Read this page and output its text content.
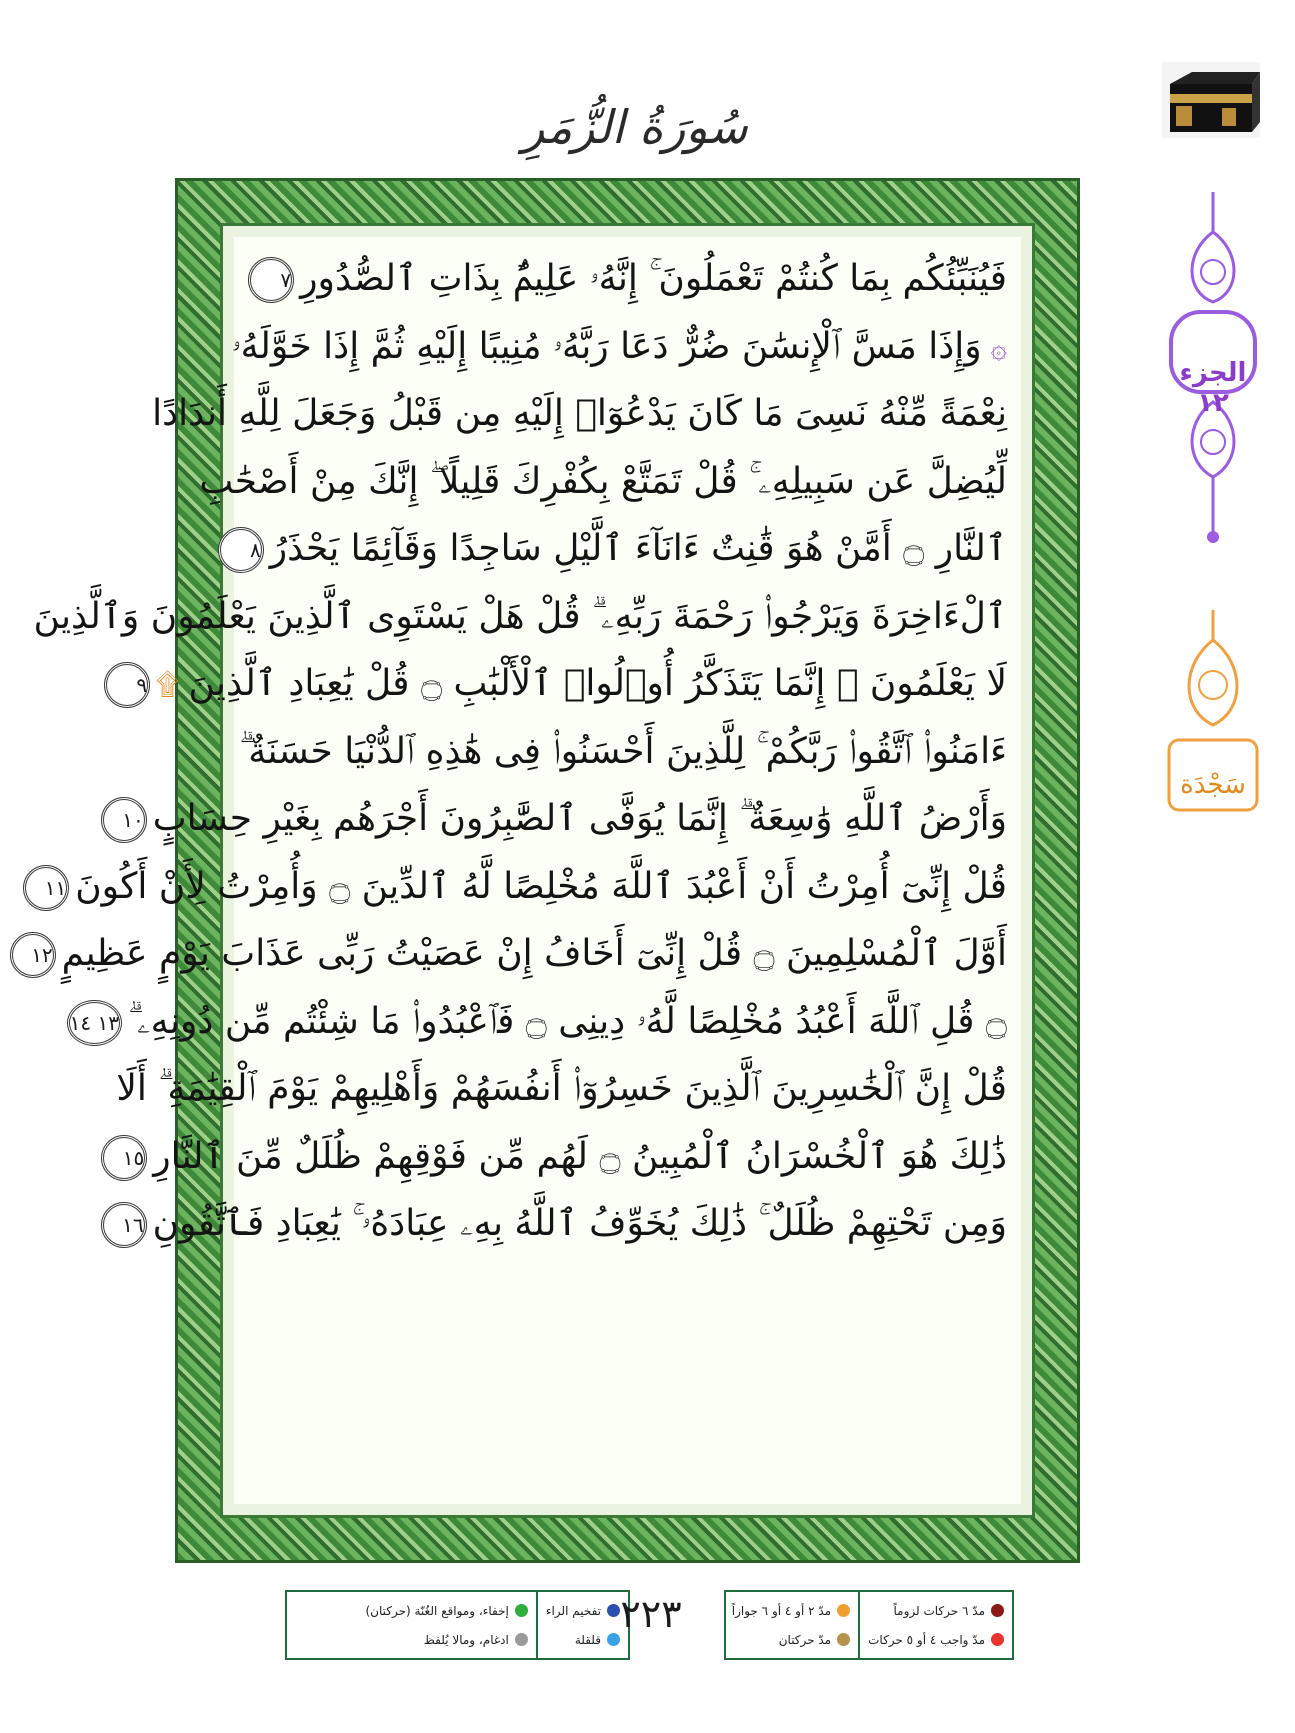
سُورَةُ الزُّمَرِ
فَيُنَبِّئُكُم بِمَا كُنتُمْ تَعْمَلُونَ ۚ إِنَّهُۥ عَلِيمٌۢ بِذَاتِ ٱلصُّدُورِ٧
۞ وَإِذَا مَسَّ ٱلْإِنسَٰنَ ضُرٌّ دَعَا رَبَّهُۥ مُنِيبًا إِلَيْهِ ثُمَّ إِذَا خَوَّلَهُۥ
نِعْمَةً مِّنْهُ نَسِىَ مَا كَانَ يَدْعُوٓا۟ إِلَيْهِ مِن قَبْلُ وَجَعَلَ لِلَّهِ أَندَادًا
لِّيُضِلَّ عَن سَبِيلِهِۦ ۚ قُلْ تَمَتَّعْ بِكُفْرِكَ قَلِيلًا ۖ إِنَّكَ مِنْ أَصْحَٰبِ
ٱلنَّارِ ۝ أَمَّنْ هُوَ قَٰنِتٌ ءَانَآءَ ٱلَّيْلِ سَاجِدًا وَقَآئِمًا يَحْذَرُ٨
ٱلْءَاخِرَةَ وَيَرْجُوا۟ رَحْمَةَ رَبِّهِۦ ۗ قُلْ هَلْ يَسْتَوِى ٱلَّذِينَ يَعْلَمُونَ وَٱلَّذِينَ
لَا يَعْلَمُونَ ۗ إِنَّمَا يَتَذَكَّرُ أُو۟لُوا۟ ٱلْأَلْبَٰبِ ۝ قُلْ يَٰعِبَادِ ٱلَّذِينَ ۩٩
ءَامَنُوا۟ ٱتَّقُوا۟ رَبَّكُمْ ۚ لِلَّذِينَ أَحْسَنُوا۟ فِى هَٰذِهِ ٱلدُّنْيَا حَسَنَةٌ ۗ
وَأَرْضُ ٱللَّهِ وَٰسِعَةٌ ۗ إِنَّمَا يُوَفَّى ٱلصَّٰبِرُونَ أَجْرَهُم بِغَيْرِ حِسَابٍ١٠
قُلْ إِنِّىٓ أُمِرْتُ أَنْ أَعْبُدَ ٱللَّهَ مُخْلِصًا لَّهُ ٱلدِّينَ ۝ وَأُمِرْتُ لِأَنْ أَكُونَ١١
أَوَّلَ ٱلْمُسْلِمِينَ ۝ قُلْ إِنِّىٓ أَخَافُ إِنْ عَصَيْتُ رَبِّى عَذَابَ يَوْمٍ عَظِيمٍ١٢
۝ قُلِ ٱللَّهَ أَعْبُدُ مُخْلِصًا لَّهُۥ دِينِى ۝ فَٱعْبُدُوا۟ مَا شِئْتُم مِّن دُونِهِۦ ۗ١٣ ١٤
قُلْ إِنَّ ٱلْخَٰسِرِينَ ٱلَّذِينَ خَسِرُوٓا۟ أَنفُسَهُمْ وَأَهْلِيهِمْ يَوْمَ ٱلْقِيَٰمَةِ ۗ أَلَا
ذَٰلِكَ هُوَ ٱلْخُسْرَانُ ٱلْمُبِينُ ۝ لَهُم مِّن فَوْقِهِمْ ظُلَلٌ مِّنَ ٱلنَّارِ١٥
وَمِن تَحْتِهِمْ ظُلَلٌ ۚ ذَٰلِكَ يُخَوِّفُ ٱللَّهُ بِهِۦ عِبَادَهُۥ ۚ يَٰعِبَادِ فَٱتَّقُونِ١٦
الجزء ١٢
سَجْدَة
تفخيم الراء
قلقلة
إخفاء، ومواقع الغُنّة (حركتان)
ادغام، ومالا يُلفظ
٢٢٣	مدّ ٦ حركات لزوماً
مدّ واجب ٤ أو ٥ حركات
مدّ ٢ أو ٤ أو ٦ جوازاً
مدّ حركتان
